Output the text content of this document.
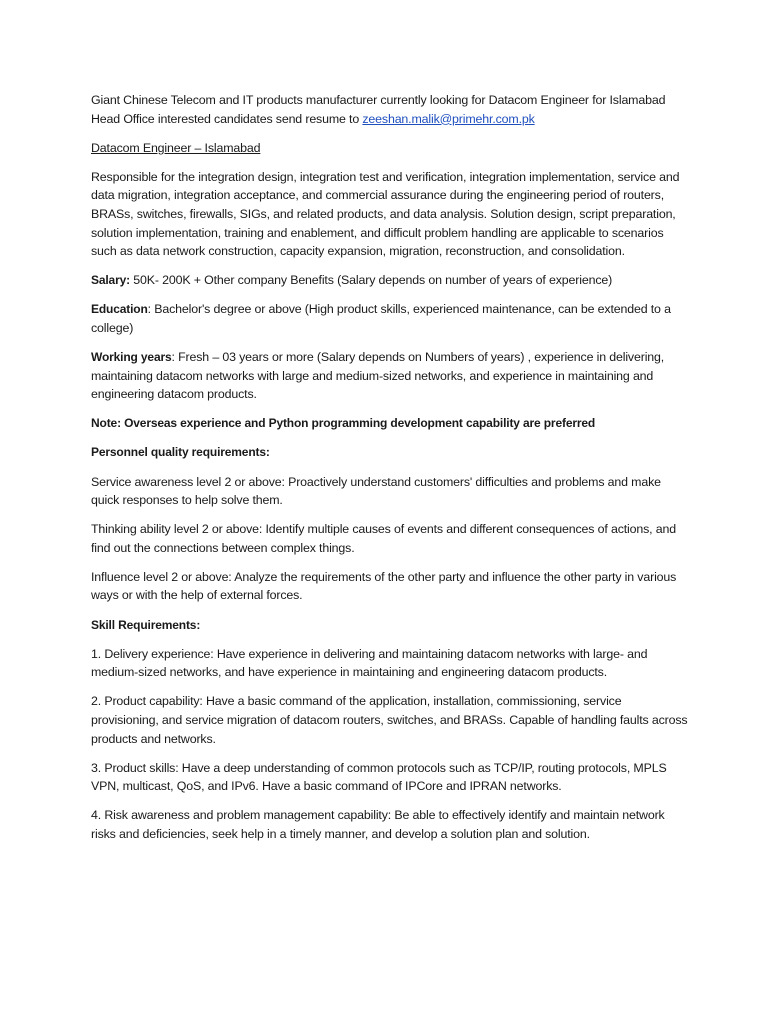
Giant Chinese Telecom and IT products manufacturer currently looking for Datacom Engineer for Islamabad Head Office interested candidates send resume to zeeshan.malik@primehr.com.pk

Datacom Engineer – Islamabad

Responsible for the integration design, integration test and verification, integration implementation, service and data migration, integration acceptance, and commercial assurance during the engineering period of routers, BRASs, switches, firewalls, SIGs, and related products, and data analysis. Solution design, script preparation, solution implementation, training and enablement, and difficult problem handling are applicable to scenarios such as data network construction, capacity expansion, migration, reconstruction, and consolidation.

Salary: 50K- 200K + Other company Benefits (Salary depends on number of years of experience)

Education: Bachelor's degree or above (High product skills, experienced maintenance, can be extended to a college)

Working years: Fresh – 03 years or more (Salary depends on Numbers of years) , experience in delivering, maintaining datacom networks with large and medium-sized networks, and experience in maintaining and engineering datacom products.

Note: Overseas experience and Python programming development capability are preferred

Personnel quality requirements:

Service awareness level 2 or above: Proactively understand customers' difficulties and problems and make quick responses to help solve them.

Thinking ability level 2 or above: Identify multiple causes of events and different consequences of actions, and find out the connections between complex things.

Influence level 2 or above: Analyze the requirements of the other party and influence the other party in various ways or with the help of external forces.

Skill Requirements:

1. Delivery experience: Have experience in delivering and maintaining datacom networks with large- and medium-sized networks, and have experience in maintaining and engineering datacom products.

2. Product capability: Have a basic command of the application, installation, commissioning, service provisioning, and service migration of datacom routers, switches, and BRASs. Capable of handling faults across products and networks.

3. Product skills: Have a deep understanding of common protocols such as TCP/IP, routing protocols, MPLS VPN, multicast, QoS, and IPv6. Have a basic command of IPCore and IPRAN networks.

4. Risk awareness and problem management capability: Be able to effectively identify and maintain network risks and deficiencies, seek help in a timely manner, and develop a solution plan and solution.
